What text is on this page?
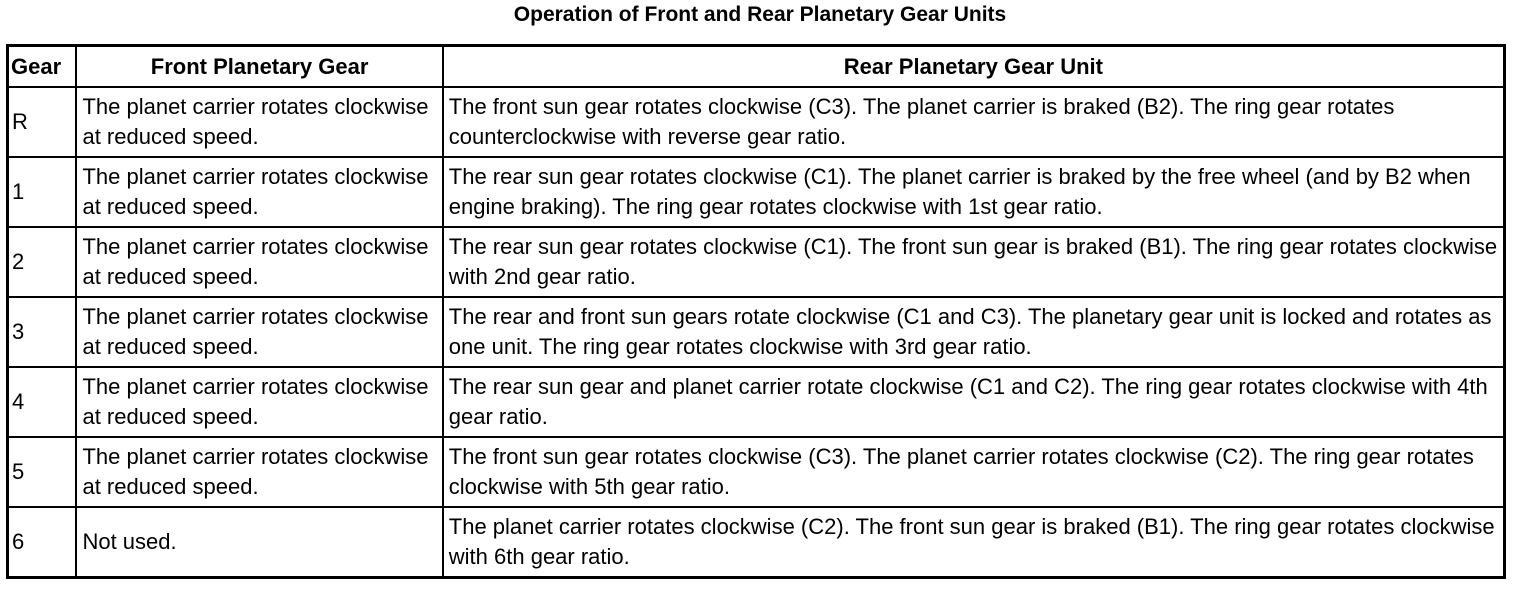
Operation of Front and Rear Planetary Gear Units
Gear	Front Planetary Gear	Rear Planetary Gear Unit
R	The planet carrier rotates clockwise at reduced speed.	The front sun gear rotates clockwise (C3). The planet carrier is braked (B2). The ring gear rotates counterclockwise with reverse gear ratio.
1	The planet carrier rotates clockwise at reduced speed.	The rear sun gear rotates clockwise (C1). The planet carrier is braked by the free wheel (and by B2 when engine braking). The ring gear rotates clockwise with 1st gear ratio.
2	The planet carrier rotates clockwise at reduced speed.	The rear sun gear rotates clockwise (C1). The front sun gear is braked (B1). The ring gear rotates clockwise with 2nd gear ratio.
3	The planet carrier rotates clockwise at reduced speed.	The rear and front sun gears rotate clockwise (C1 and C3). The planetary gear unit is locked and rotates as one unit. The ring gear rotates clockwise with 3rd gear ratio.
4	The planet carrier rotates clockwise at reduced speed.	The rear sun gear and planet carrier rotate clockwise (C1 and C2). The ring gear rotates clockwise with 4th gear ratio.
5	The planet carrier rotates clockwise at reduced speed.	The front sun gear rotates clockwise (C3). The planet carrier rotates clockwise (C2). The ring gear rotates clockwise with 5th gear ratio.
6	Not used.	The planet carrier rotates clockwise (C2). The front sun gear is braked (B1). The ring gear rotates clockwise with 6th gear ratio.
